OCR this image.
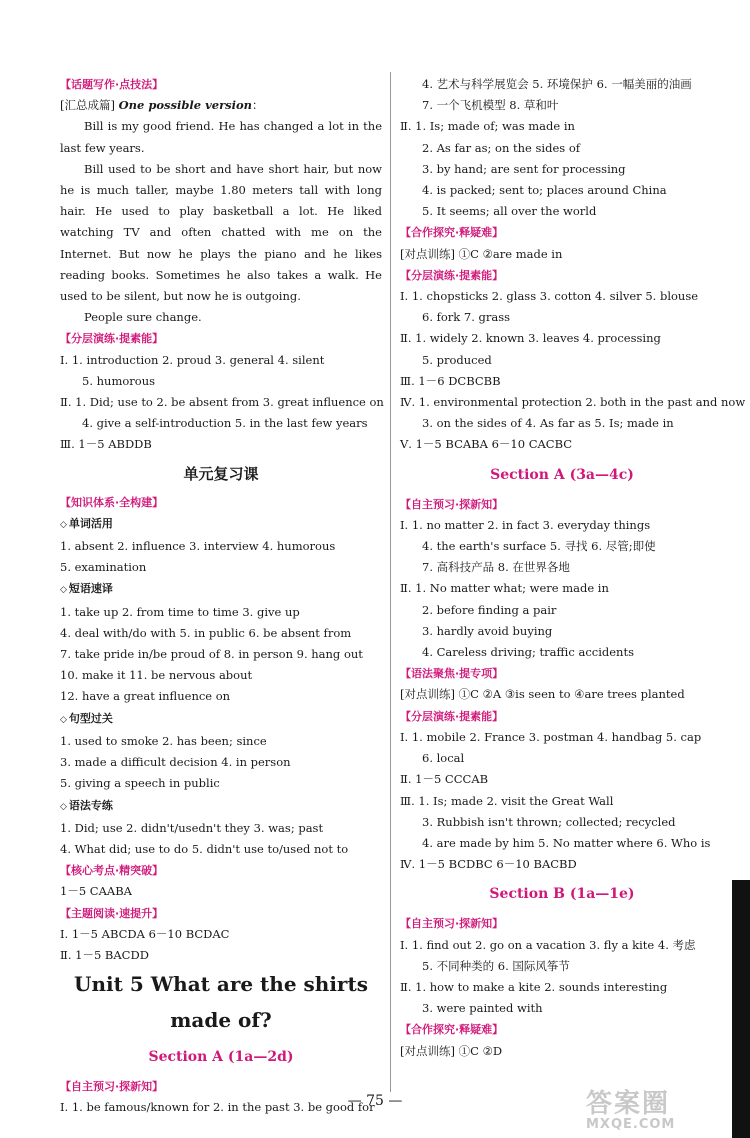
【话题写作·点技法】
[汇总成篇] One possible version：
Bill is my good friend. He has changed a lot in the last few years.
Bill used to be short and have short hair, but now he is much taller, maybe 1.80 meters tall with long hair. He used to play basketball a lot. He liked watching TV and often chatted with me on the Internet. But now he plays the piano and he likes reading books. Sometimes he also takes a walk. He used to be silent, but now he is outgoing.
People sure change.
【分层演练·提素能】
Ⅰ. 1. introduction 2. proud 3. general 4. silent
5. humorous
Ⅱ. 1. Did; use to 2. be absent from 3. great influence on
4. give a self-introduction 5. in the last few years
Ⅲ. 1－5 ABDDB
单元复习课
【知识体系·全构建】
◇ 单词活用
1. absent 2. influence 3. interview 4. humorous
5. examination
◇ 短语速译
1. take up 2. from time to time 3. give up
4. deal with/do with 5. in public 6. be absent from
7. take pride in/be proud of 8. in person 9. hang out
10. make it 11. be nervous about
12. have a great influence on
◇ 句型过关
1. used to smoke 2. has been; since
3. made a difficult decision 4. in person
5. giving a speech in public
◇ 语法专练
1. Did; use 2. didn't/usedn't they 3. was; past
4. What did; use to do 5. didn't use to/used not to
【核心考点·精突破】
1－5 CAABA
【主题阅读·速提升】
Ⅰ. 1－5 ABCDA 6－10 BCDAC
Ⅱ. 1－5 BACDD
Unit 5 What are the shirts
made of?
Section A (1a—2d)
【自主预习·探新知】
Ⅰ. 1. be famous/known for 2. in the past 3. be good for
4. 艺术与科学展览会 5. 环境保护 6. 一幅美丽的油画
7. 一个飞机模型 8. 草和叶
Ⅱ. 1. Is; made of; was made in
2. As far as; on the sides of
3. by hand; are sent for processing
4. is packed; sent to; places around China
5. It seems; all over the world
【合作探究·释疑难】
[对点训练] ①C ②are made in
【分层演练·提素能】
Ⅰ. 1. chopsticks 2. glass 3. cotton 4. silver 5. blouse
6. fork 7. grass
Ⅱ. 1. widely 2. known 3. leaves 4. processing
5. produced
Ⅲ. 1－6 DCBCBB
Ⅳ. 1. environmental protection 2. both in the past and now
3. on the sides of 4. As far as 5. Is; made in
Ⅴ. 1－5 BCABA 6－10 CACBC
Section A (3a—4c)
【自主预习·探新知】
Ⅰ. 1. no matter 2. in fact 3. everyday things
4. the earth's surface 5. 寻找 6. 尽管;即使
7. 高科技产品 8. 在世界各地
Ⅱ. 1. No matter what; were made in
2. before finding a pair
3. hardly avoid buying
4. Careless driving; traffic accidents
【语法聚焦·提专项】
[对点训练] ①C ②A ③is seen to ④are trees planted
【分层演练·提素能】
Ⅰ. 1. mobile 2. France 3. postman 4. handbag 5. cap
6. local
Ⅱ. 1－5 CCCAB
Ⅲ. 1. Is; made 2. visit the Great Wall
3. Rubbish isn't thrown; collected; recycled
4. are made by him 5. No matter where 6. Who is
Ⅳ. 1－5 BCDBC 6－10 BACBD
Section B (1a—1e)
【自主预习·探新知】
Ⅰ. 1. find out 2. go on a vacation 3. fly a kite 4. 考虑
5. 不同种类的 6. 国际风筝节
Ⅱ. 1. how to make a kite 2. sounds interesting
3. were painted with
【合作探究·释疑难】
[对点训练] ①C ②D
— 75 —	答案圈
MXQE.COM
